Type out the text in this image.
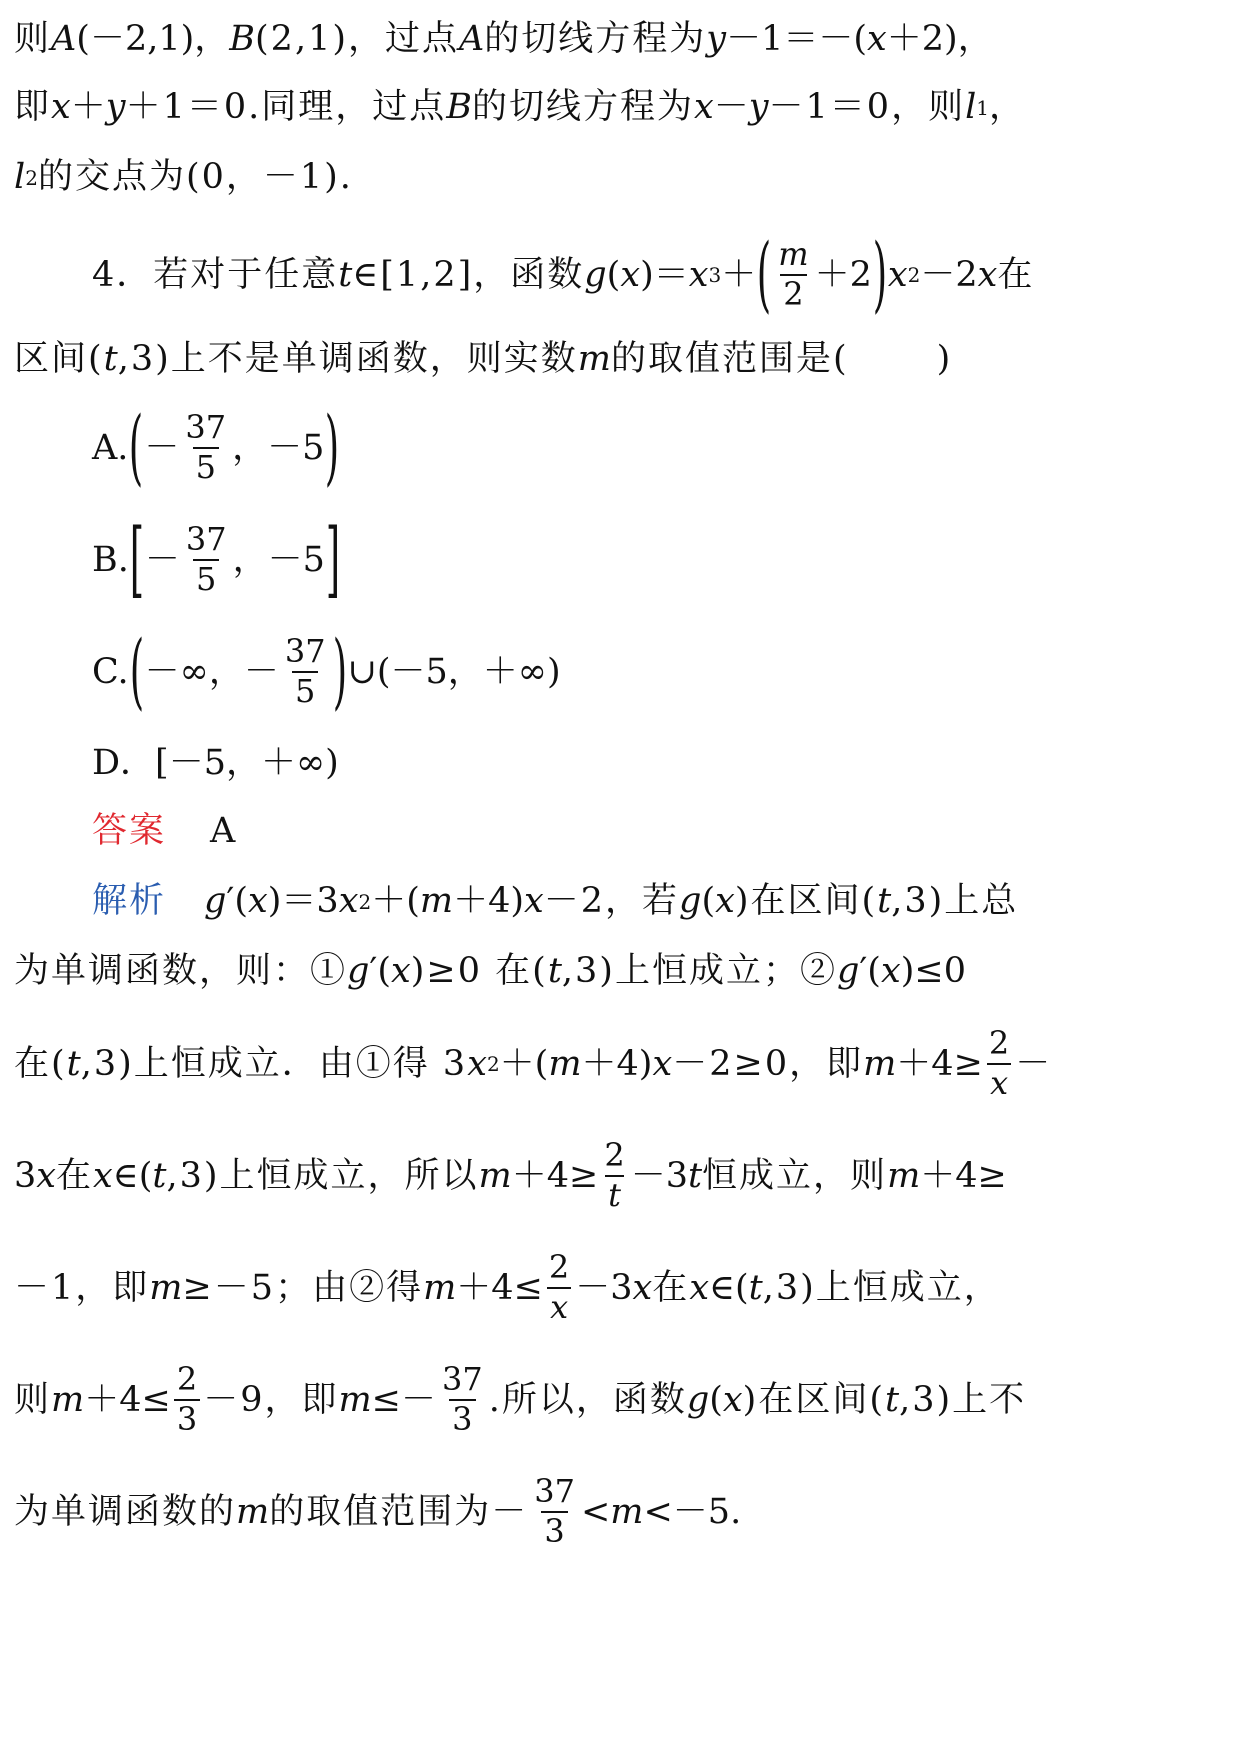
则 A (－2,1)， B (2,1)，过点 A 的切线方程为 y －1＝－( x ＋2)，
即 x ＋ y ＋1＝0.同理，过点 B 的切线方程为 x － y －1＝0，则 l 1 ，
l 2 的交点为(0，－1).
4．若对于任意 t ∈[1,2]，函数 g ( x )＝ x 3 ＋ ( $\frac{m}{2} +2$ ) x 2 －2 x 在
区间( t ,3)上不是单调函数，则实数 m 的取值范围是(	)
A. ( － $\frac{37}{5}$ ，－5 )
B. [ － $\frac{37}{5}$ ，－5 ]
C. ( －∞，－ $\frac{37}{5}$ ) ∪(－5，＋∞)
D．[－5，＋∞)
答案 A
解析 g ′( x )＝3 x 2 ＋( m ＋4) x －2，若 g ( x )在区间( t ,3)上总
为单调函数，则：① g ′( x )≥0 在( t ,3)上恒成立；② g ′( x )≤0
在( t ,3)上恒成立．由①得 3 x 2 ＋( m ＋4) x －2≥0，即 $m +4\ge \frac{2}{x}$ －
3 x 在 x ∈( t ,3)上恒成立，所以 $m +4\ge \frac{2}{t} -3$ t 恒成立，则 m ＋4≥
－1，即 m ≥－5；由②得 $m +4\le \frac{2}{x} -3$ x 在 x ∈( t ,3)上恒成立，
则 $m +4\le \frac{2}{3} -9$，即 $m \le- \frac{37}{3}$ .所以，函数 g ( x )在区间( t ,3)上不
为单调函数的 m 的取值范围为－ $\frac{37}{3} < m <-5$.
